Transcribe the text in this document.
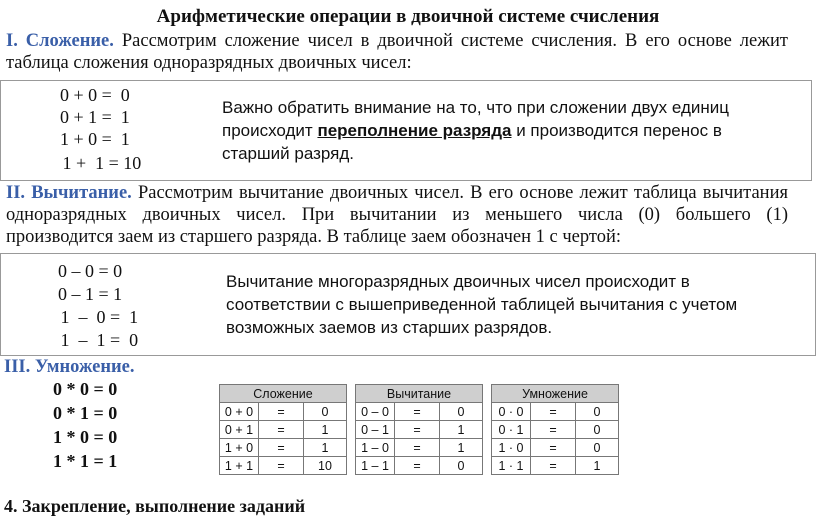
Арифметические операции в двоичной системе счисления
I. Сложение. Рассмотрим сложение чисел в двоичной системе счисления. В его основе лежит таблица сложения одноразрядных двоичных чисел:
0 + 0 =  0
0 + 1 =  1
1 + 0 =  1
1 +  1 = 10
Важно обратить внимание на то, что при сложении двух единиц происходит переполнение разряда и производится перенос в старший разряд.
II. Вычитание. Рассмотрим вычитание двоичных чисел. В его основе лежит таблица вычитания одноразрядных двоичных чисел. При вычитании из меньшего числа (0) большего (1) производится заем из старшего разряда. В таблице заем обозначен 1 с чертой:
0 – 0 = 0
0 – 1 = 1
1  –  0 =  1
1  –  1 =  0
Вычитание многоразрядных двоичных чисел происходит в соответствии с вышеприведенной таблицей вычитания с учетом возможных заемов из старших разрядов.
III. Умножение.
0 * 0 = 0
0 * 1 = 0
1 * 0 = 0
1 * 1 = 1
Сложение				Вычитание				Умножение		
0 + 0	=	0		0 – 0	=	0		0 · 0	=	0
0 + 1	=	1		0 – 1	=	1		0 · 1	=	0
1 + 0	=	1		1 – 0	=	1		1 · 0	=	0
1 + 1	=	10		1 – 1	=	0		1 · 1	=	1
4. Закрепление, выполнение заданий
